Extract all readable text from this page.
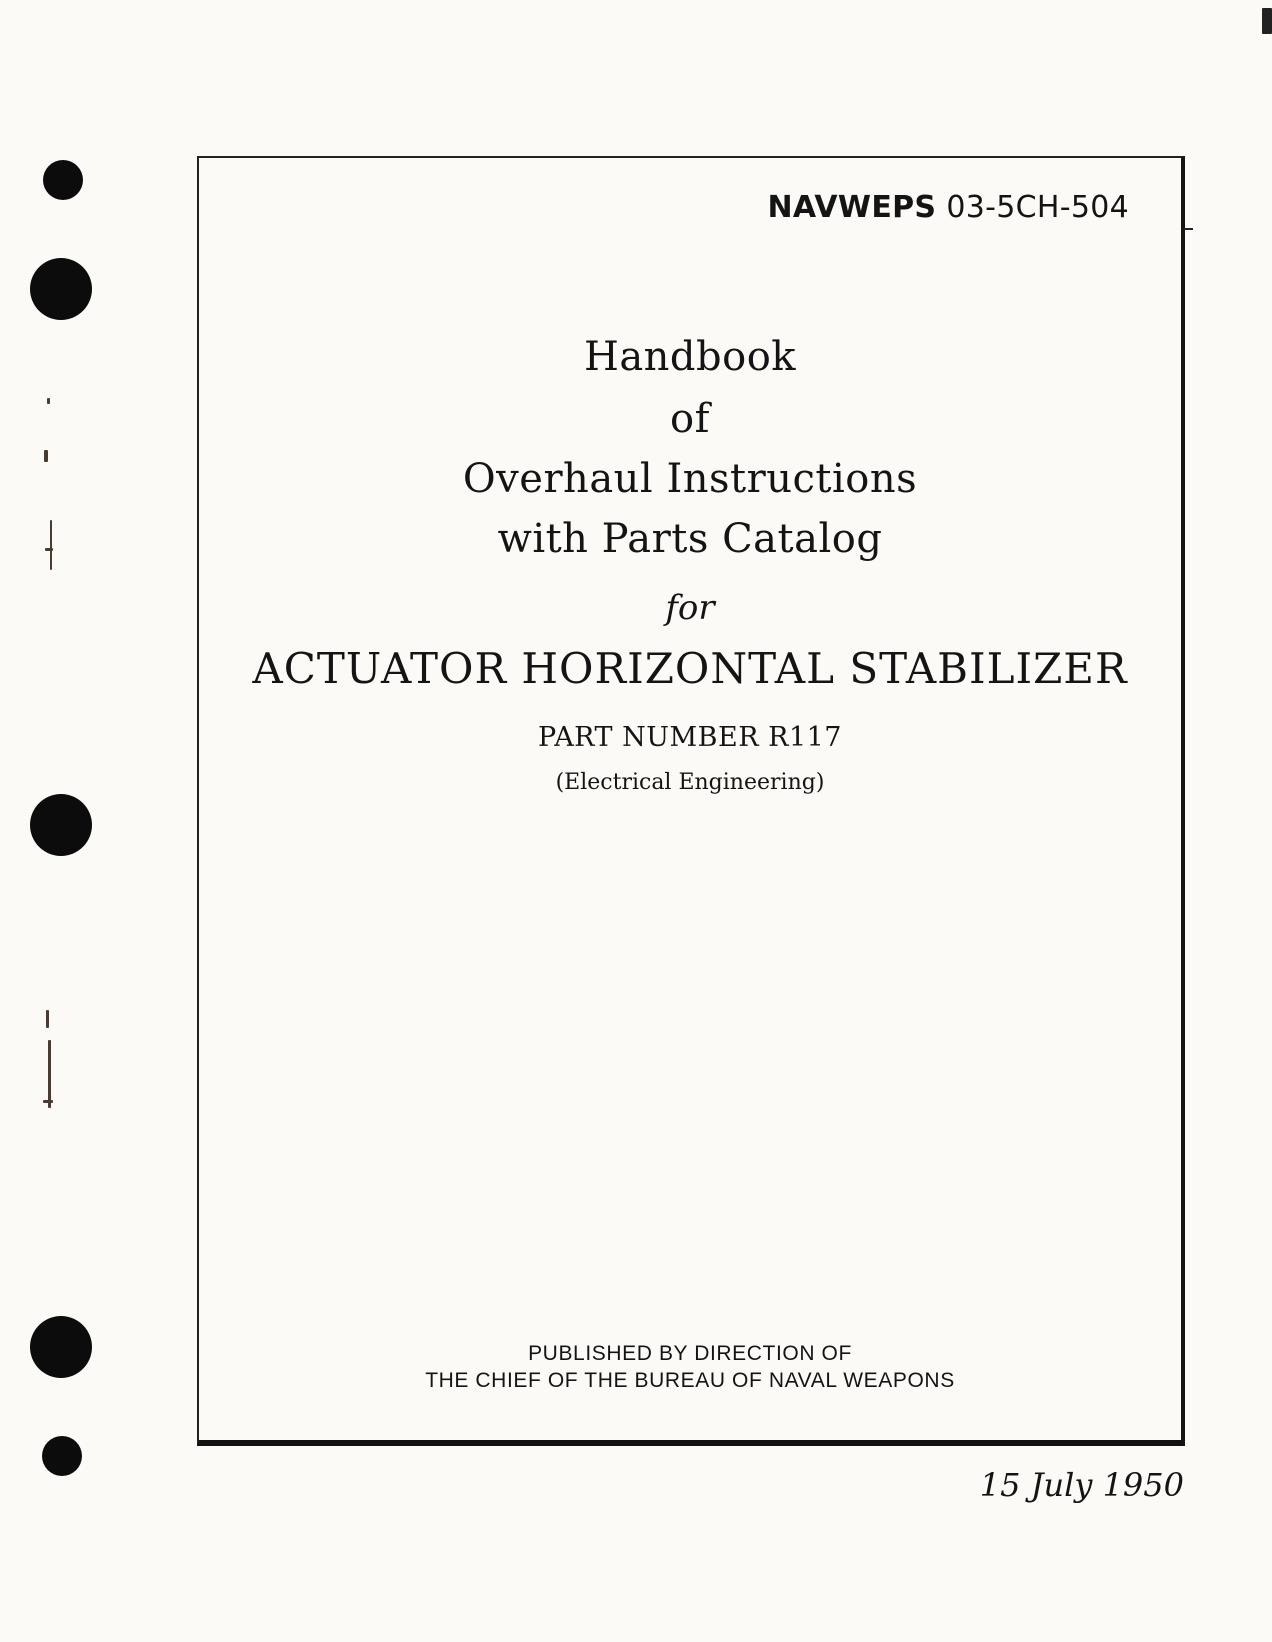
NAVWEPS 03-5CH-504
Handbook
of
Overhaul Instructions
with Parts Catalog
for
ACTUATOR HORIZONTAL STABILIZER
PART NUMBER R117
(Electrical Engineering)
PUBLISHED BY DIRECTION OF
THE CHIEF OF THE BUREAU OF NAVAL WEAPONS
15 July 1950
